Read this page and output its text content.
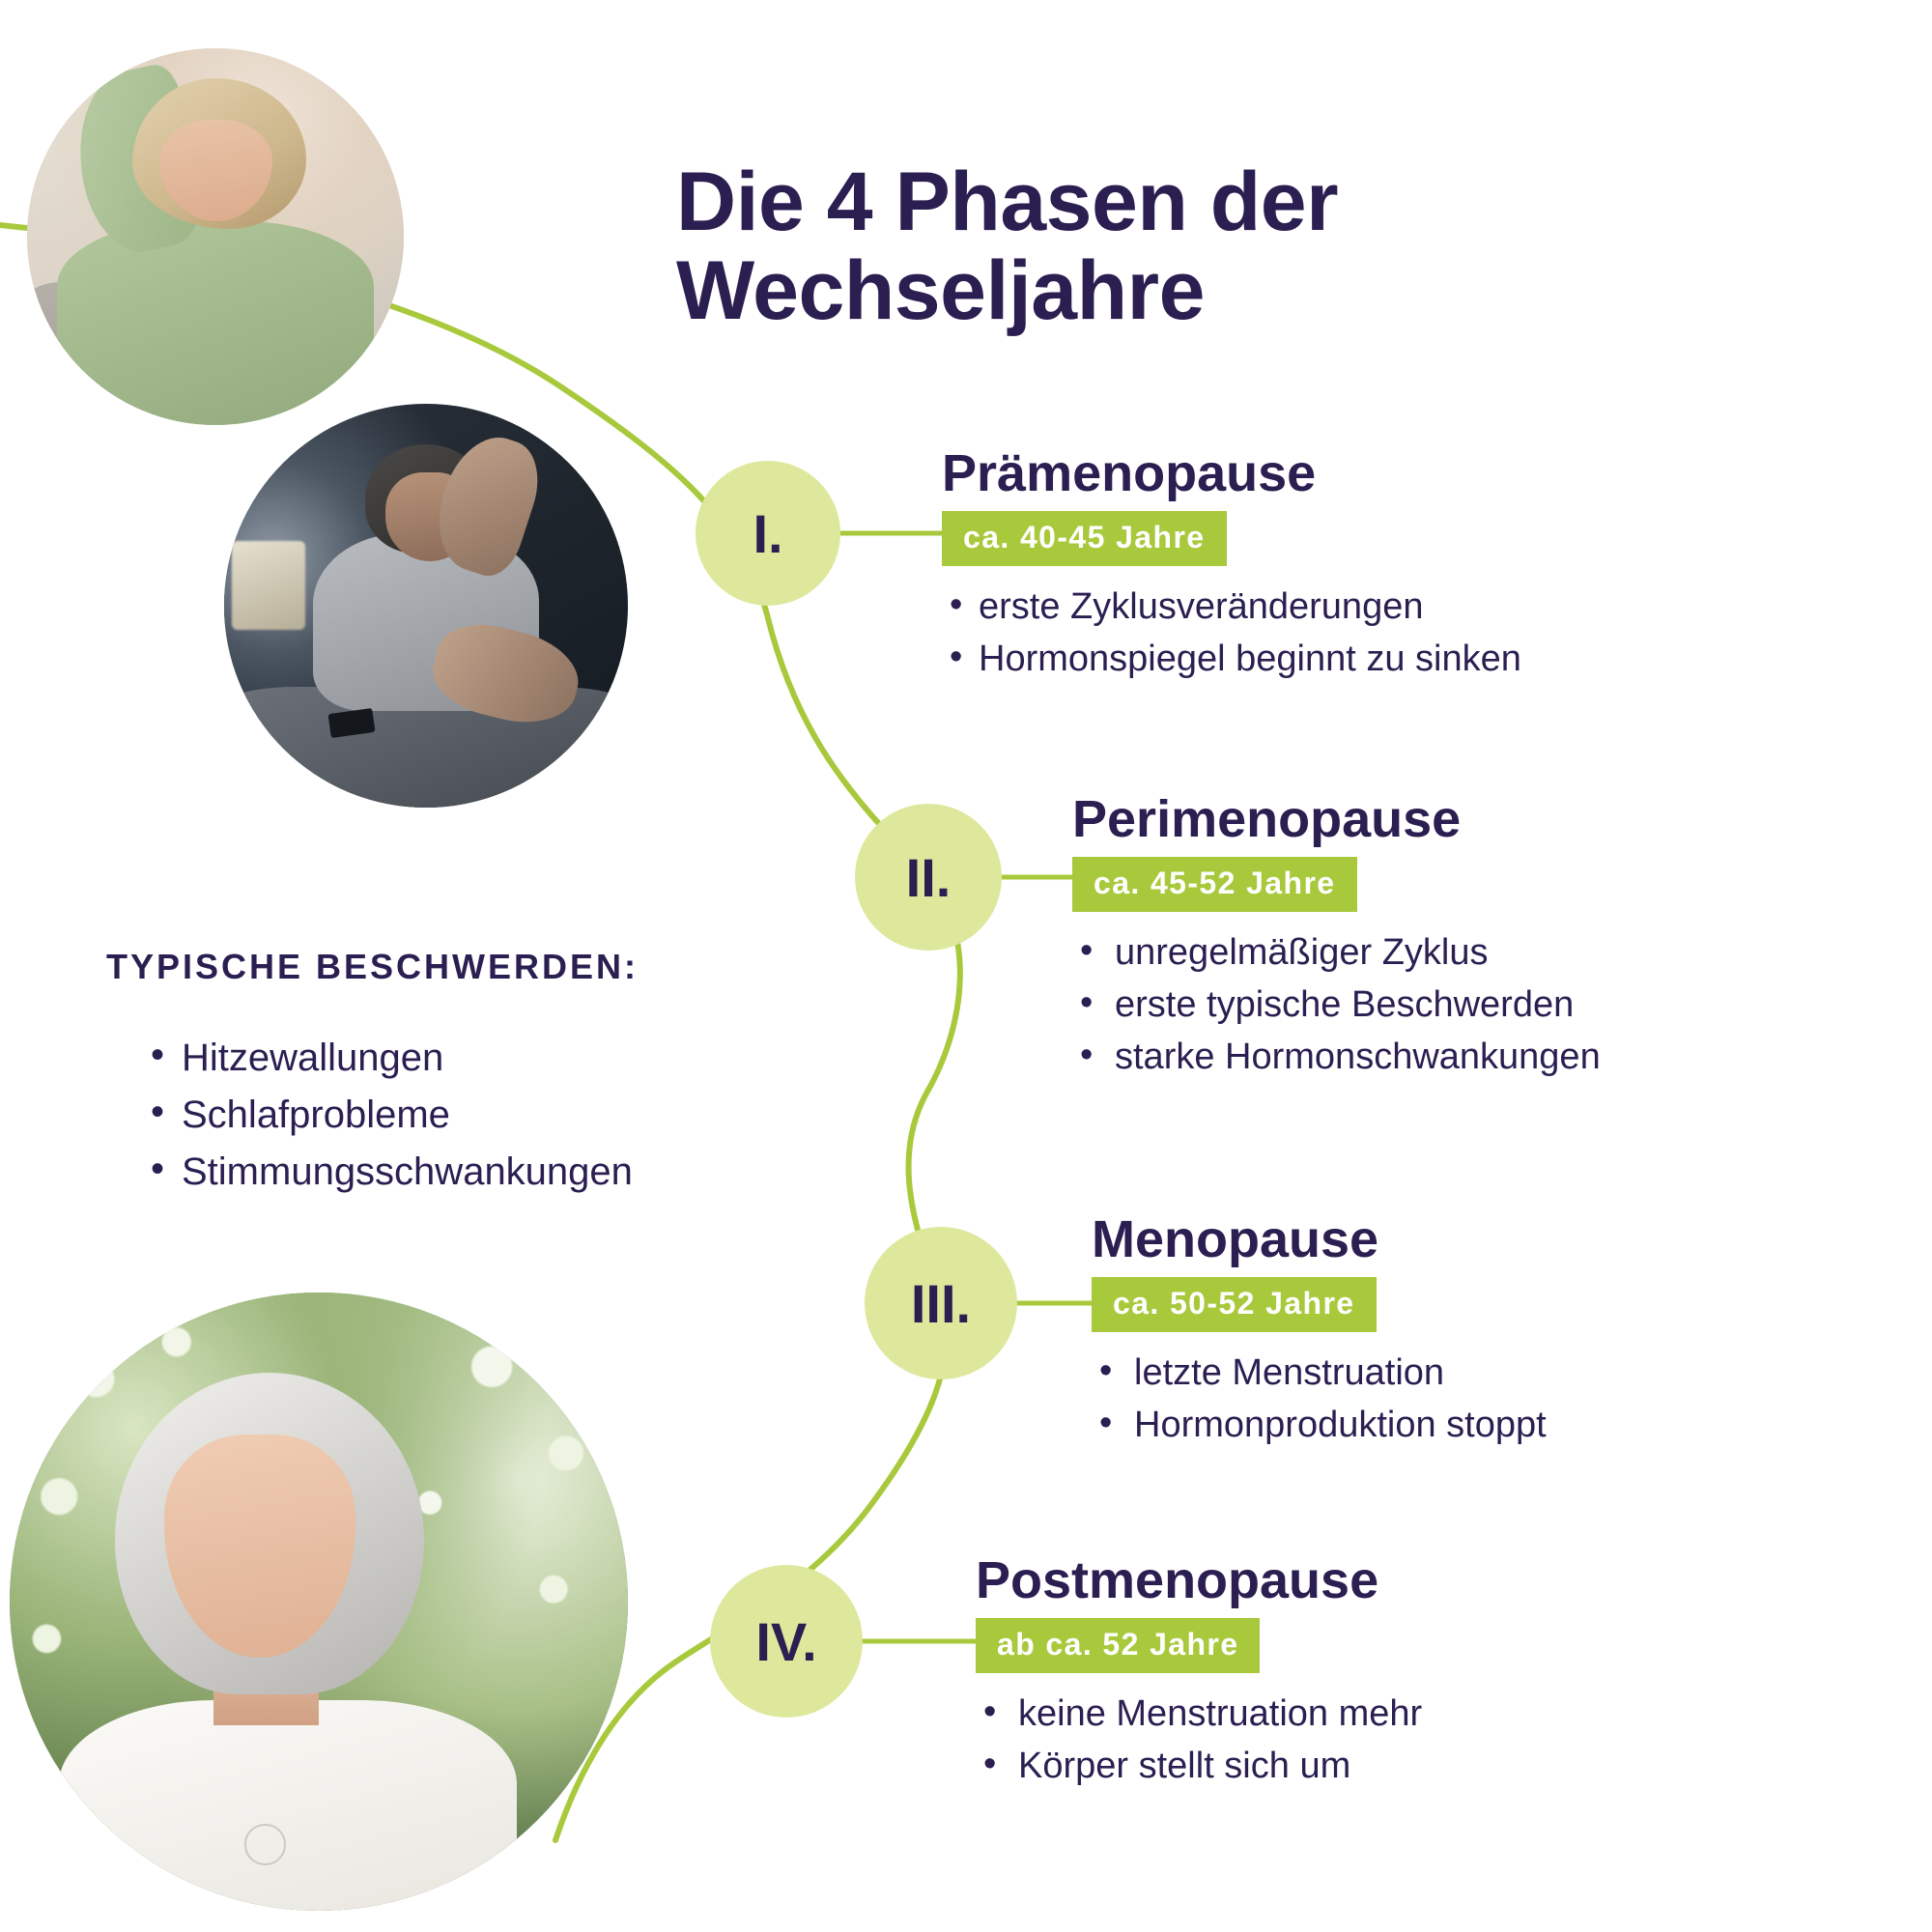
Die 4 Phasen der Wechseljahre
I.
II.
III.
IV.
Prämenopause
ca. 40-45 Jahre
• erste Zyklusveränderungen
• Hormonspiegel beginnt zu sinken
Perimenopause
ca. 45-52 Jahre
• unregelmäßiger Zyklus
• erste typische Beschwerden
• starke Hormonschwankungen
Menopause
ca. 50-52 Jahre
• letzte Menstruation
• Hormonproduktion stoppt
Postmenopause
ab ca. 52 Jahre
• keine Menstruation mehr
• Körper stellt sich um
TYPISCHE BESCHWERDEN:
• Hitzewallungen
• Schlafprobleme
• Stimmungsschwankungen
